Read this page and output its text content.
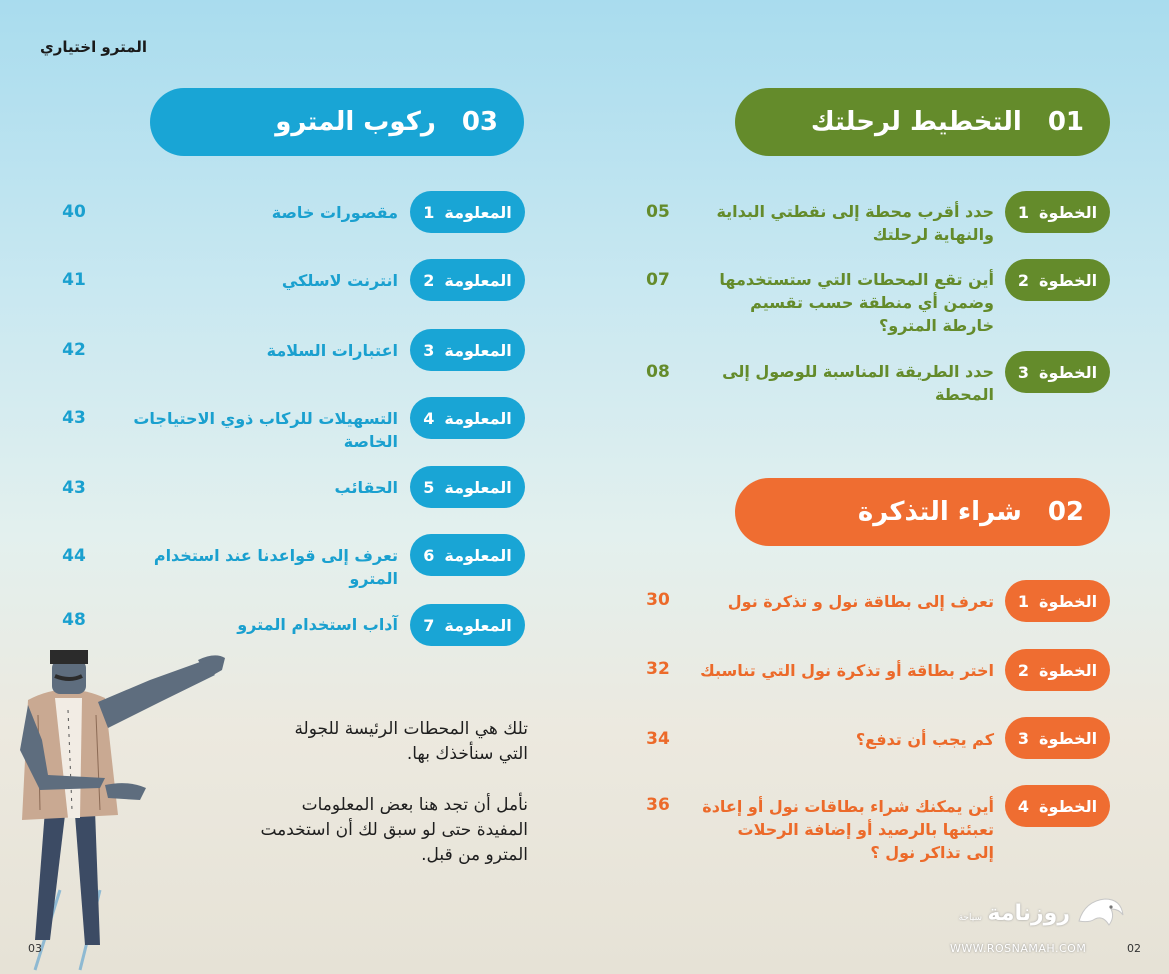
المترو اختياري
01
التخطيط لرحلتك
الخطوة
1
حدد أقرب محطة إلى نقطتي البداية
والنهاية لرحلتك
05
الخطوة
2
أين تقع المحطات التي ستستخدمها
وضمن أي منطقة حسب تقسيم
خارطة المترو؟
07
الخطوة
3
حدد الطريقة المناسبة للوصول إلى
المحطة
08
02
شراء التذكرة
الخطوة
1
تعرف إلى بطاقة نول و تذكرة نول
30
الخطوة
2
اختر بطاقة أو تذكرة نول التي تناسبك
32
الخطوة
3
كم يجب أن تدفع؟
34
الخطوة
4
أين يمكنك شراء بطاقات نول أو إعادة
تعبئتها بالرصيد أو إضافة الرحلات
إلى تذاكر نول ؟
36
03
ركوب المترو
المعلومة
1
مقصورات خاصة
40
المعلومة
2
انترنت لاسلكي
41
المعلومة
3
اعتبارات السلامة
42
المعلومة
4
التسهيلات للركاب ذوي الاحتياجات
الخاصة
43
المعلومة
5
الحقائب
43
المعلومة
6
تعرف إلى قواعدنا عند استخدام
المترو
44
المعلومة
7
آداب استخدام المترو
48
تلك هي المحطات الرئيسة للجولة
التي سنأخذك بها.
نأمل أن تجد هنا بعض المعلومات
المفيدة حتى لو سبق لك أن استخدمت
المترو من قبل.
03	02
روزنامة
سياحة
WWW.ROSNAMAH.COM
